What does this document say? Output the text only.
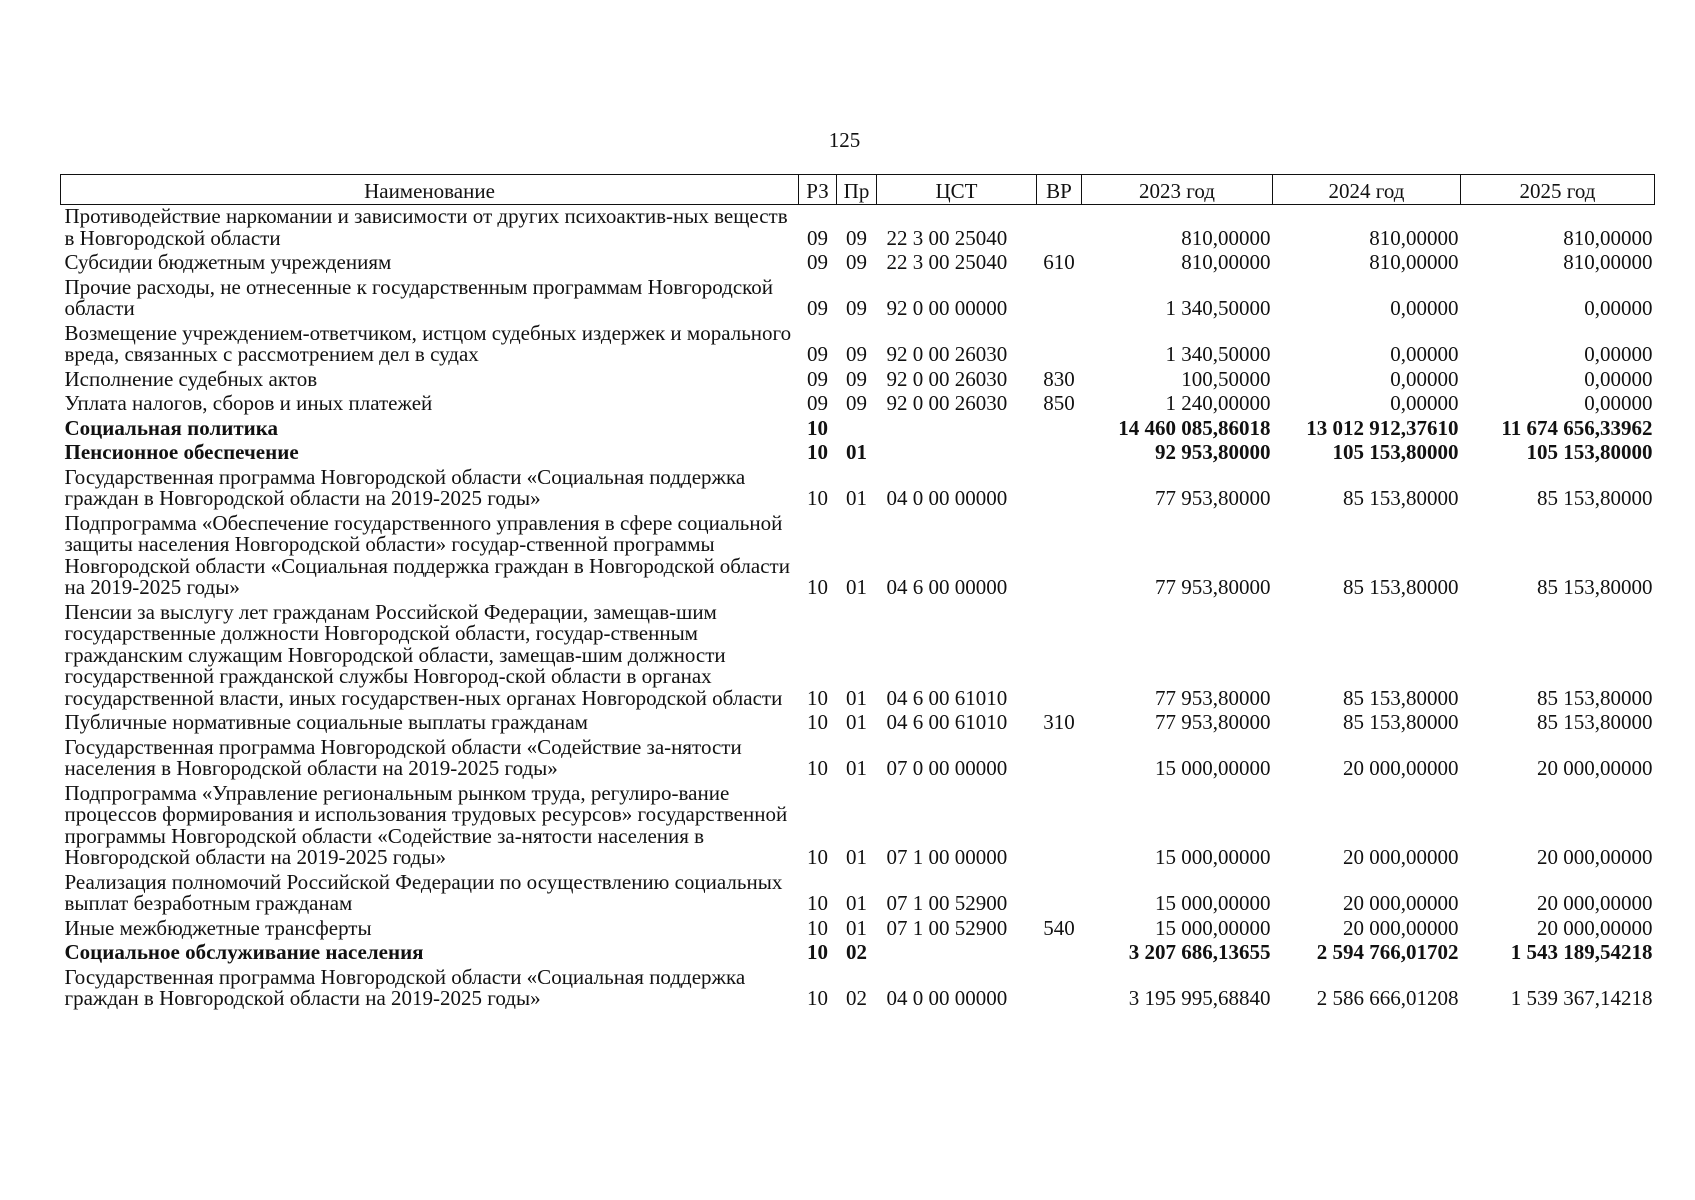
125
Наименование	РЗ	Пр	ЦСТ	ВР	2023 год	2024 год	2025 год
Противодействие наркомании и зависимости от других психоактив-ных веществ в Новгородской области	09	09	22 3 00 25040		810,00000	810,00000	810,00000
Субсидии бюджетным учреждениям	09	09	22 3 00 25040	610	810,00000	810,00000	810,00000
Прочие расходы, не отнесенные к государственным программам Новгородской области	09	09	92 0 00 00000		1 340,50000	0,00000	0,00000
Возмещение учреждением-ответчиком, истцом судебных издержек и морального вреда, связанных с рассмотрением дел в судах	09	09	92 0 00 26030		1 340,50000	0,00000	0,00000
Исполнение судебных актов	09	09	92 0 00 26030	830	100,50000	0,00000	0,00000
Уплата налогов, сборов и иных платежей	09	09	92 0 00 26030	850	1 240,00000	0,00000	0,00000
Социальная политика	10				14 460 085,86018	13 012 912,37610	11 674 656,33962
Пенсионное обеспечение	10	01			92 953,80000	105 153,80000	105 153,80000
Государственная программа Новгородской области «Социальная поддержка граждан в Новгородской области на 2019-2025 годы»	10	01	04 0 00 00000		77 953,80000	85 153,80000	85 153,80000
Подпрограмма «Обеспечение государственного управления в сфере социальной защиты населения Новгородской области» государ-ственной программы Новгородской области «Социальная поддержка граждан в Новгородской области на 2019-2025 годы»	10	01	04 6 00 00000		77 953,80000	85 153,80000	85 153,80000
Пенсии за выслугу лет гражданам Российской Федерации, замещав-шим государственные должности Новгородской области, государ-ственным гражданским служащим Новгородской области, замещав-шим должности государственной гражданской службы Новгород-ской области в органах государственной власти, иных государствен-ных органах Новгородской области	10	01	04 6 00 61010		77 953,80000	85 153,80000	85 153,80000
Публичные нормативные социальные выплаты гражданам	10	01	04 6 00 61010	310	77 953,80000	85 153,80000	85 153,80000
Государственная программа Новгородской области «Содействие за-нятости населения в Новгородской области на 2019-2025 годы»	10	01	07 0 00 00000		15 000,00000	20 000,00000	20 000,00000
Подпрограмма «Управление региональным рынком труда, регулиро-вание процессов формирования и использования трудовых ресурсов» государственной программы Новгородской области «Содействие за-нятости населения в Новгородской области на 2019-2025 годы»	10	01	07 1 00 00000		15 000,00000	20 000,00000	20 000,00000
Реализация полномочий Российской Федерации по осуществлению социальных выплат безработным гражданам	10	01	07 1 00 52900		15 000,00000	20 000,00000	20 000,00000
Иные межбюджетные трансферты	10	01	07 1 00 52900	540	15 000,00000	20 000,00000	20 000,00000
Социальное обслуживание населения	10	02			3 207 686,13655	2 594 766,01702	1 543 189,54218
Государственная программа Новгородской области «Социальная поддержка граждан в Новгородской области на 2019-2025 годы»	10	02	04 0 00 00000		3 195 995,68840	2 586 666,01208	1 539 367,14218
